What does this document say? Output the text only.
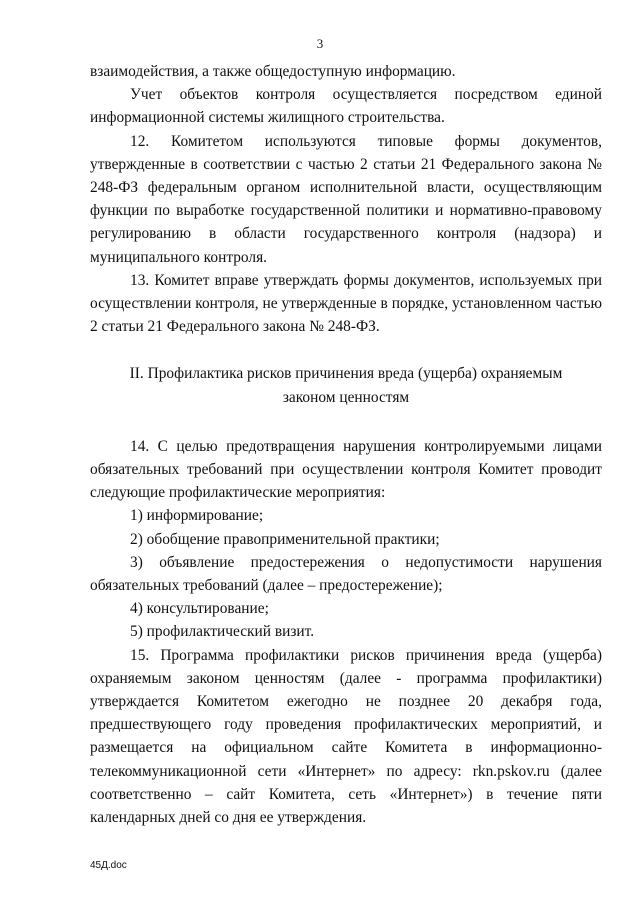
3

взаимодействия, а также общедоступную информацию.

Учет объектов контроля осуществляется посредством единой информационной системы жилищного строительства.

12. Комитетом используются типовые формы документов, утвержденные в соответствии с частью 2 статьи 21 Федерального закона № 248-ФЗ федеральным органом исполнительной власти, осуществляющим функции по выработке государственной политики и нормативно-правовому регулированию в области государственного контроля (надзора) и муниципального контроля.

13. Комитет вправе утверждать формы документов, используемых при осуществлении контроля, не утвержденные в порядке, установленном частью 2 статьи 21 Федерального закона № 248-ФЗ.

II. Профилактика рисков причинения вреда (ущерба) охраняемым
законом ценностям

14. С целью предотвращения нарушения контролируемыми лицами обязательных требований при осуществлении контроля Комитет проводит следующие профилактические мероприятия:

1) информирование;

2) обобщение правоприменительной практики;

3) объявление предостережения о недопустимости нарушения обязательных требований (далее – предостережение);

4) консультирование;

5) профилактический визит.

15. Программа профилактики рисков причинения вреда (ущерба) охраняемым законом ценностям (далее - программа профилактики) утверждается Комитетом ежегодно не позднее 20 декабря года, предшествующего году проведения профилактических мероприятий, и размещается на официальном сайте Комитета в информационно-телекоммуникационной сети «Интернет» по адресу: rkn.pskov.ru (далее соответственно – сайт Комитета, сеть «Интернет») в течение пяти календарных дней со дня ее утверждения.

45Д.doc
